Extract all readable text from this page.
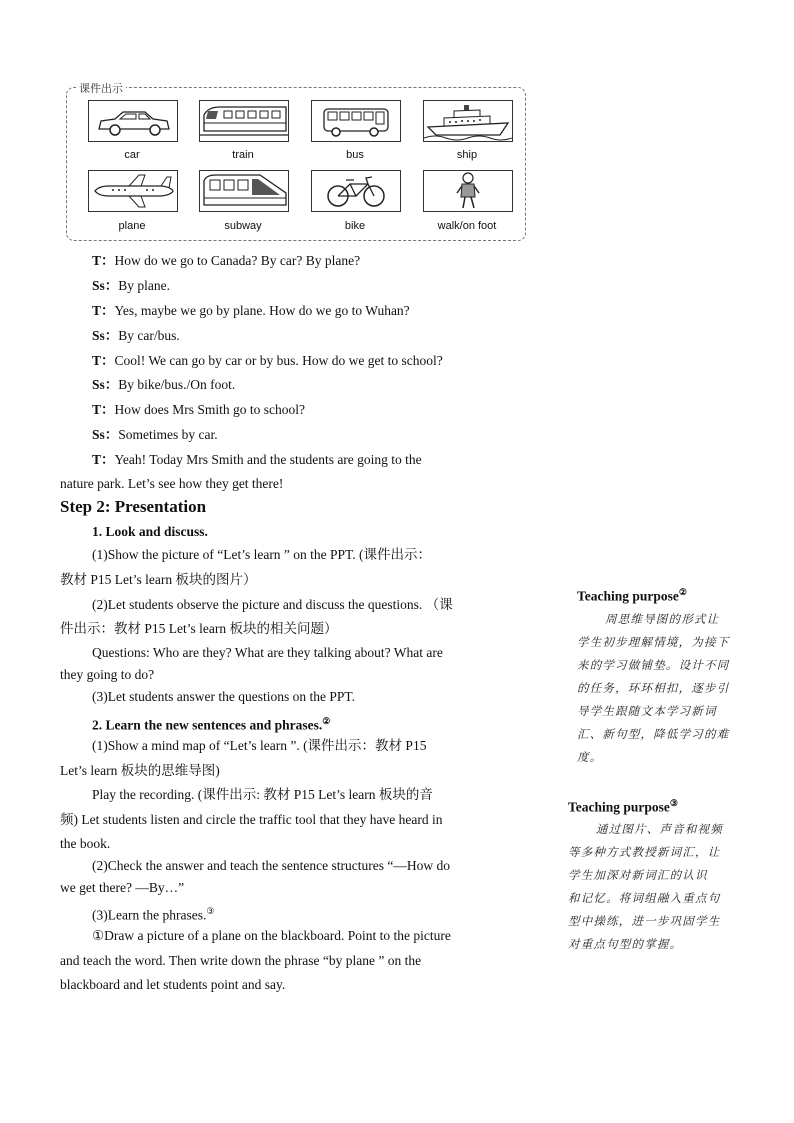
课件出示
car	train	bus	ship
plane	subway	bike	walk/on foot
T：How do we go to Canada? By car? By plane?
Ss：By plane.
T：Yes, maybe we go by plane. How do we go to Wuhan?
Ss：By car/bus.
T：Cool! We can go by car or by bus. How do we get to school?
Ss：By bike/bus./On foot.
T：How does Mrs Smith go to school?
Ss：Sometimes by car.
T：Yeah! Today Mrs Smith and the students are going to the
nature park. Let’s see how they get there!
Step 2: Presentation
1. Look and discuss.
(1)Show the picture of “Let’s learn ” on the PPT. (课件出示：
教材 P15 Let’s learn 板块的图片）
(2)Let students observe the picture and discuss the questions. （课
件出示：教材 P15 Let’s learn 板块的相关问题）
Questions: Who are they? What are they talking about? What are
they going to do?
(3)Let students answer the questions on the PPT.
2. Learn the new sentences and phrases.②
(1)Show a mind map of “Let’s learn ”. (课件出示：教材 P15
Let’s learn 板块的思维导图)
Play the recording. (课件出示: 教材 P15 Let’s learn 板块的音
频) Let students listen and circle the traffic tool that they have heard in
the book.
(2)Check the answer and teach the sentence structures “—How do
we get there? —By…”
(3)Learn the phrases.③
①Draw a picture of a plane on the blackboard. Point to the picture
and teach the word. Then write down the phrase “by plane ” on the
blackboard and let students point and say.
Teaching purpose②
周思维导图的形式让
学生初步理解情境，为接下
来的学习做铺垫。设计不同
的任务，环环相扣，逐步引
导学生跟随文本学习新词
汇、新句型，降低学习的难
度。
Teaching purpose③
通过图片、声音和视频
等多种方式教授新词汇，让
学生加深对新词汇的认识
和记忆。将词组融入重点句
型中操练，进一步巩固学生
对重点句型的掌握。
